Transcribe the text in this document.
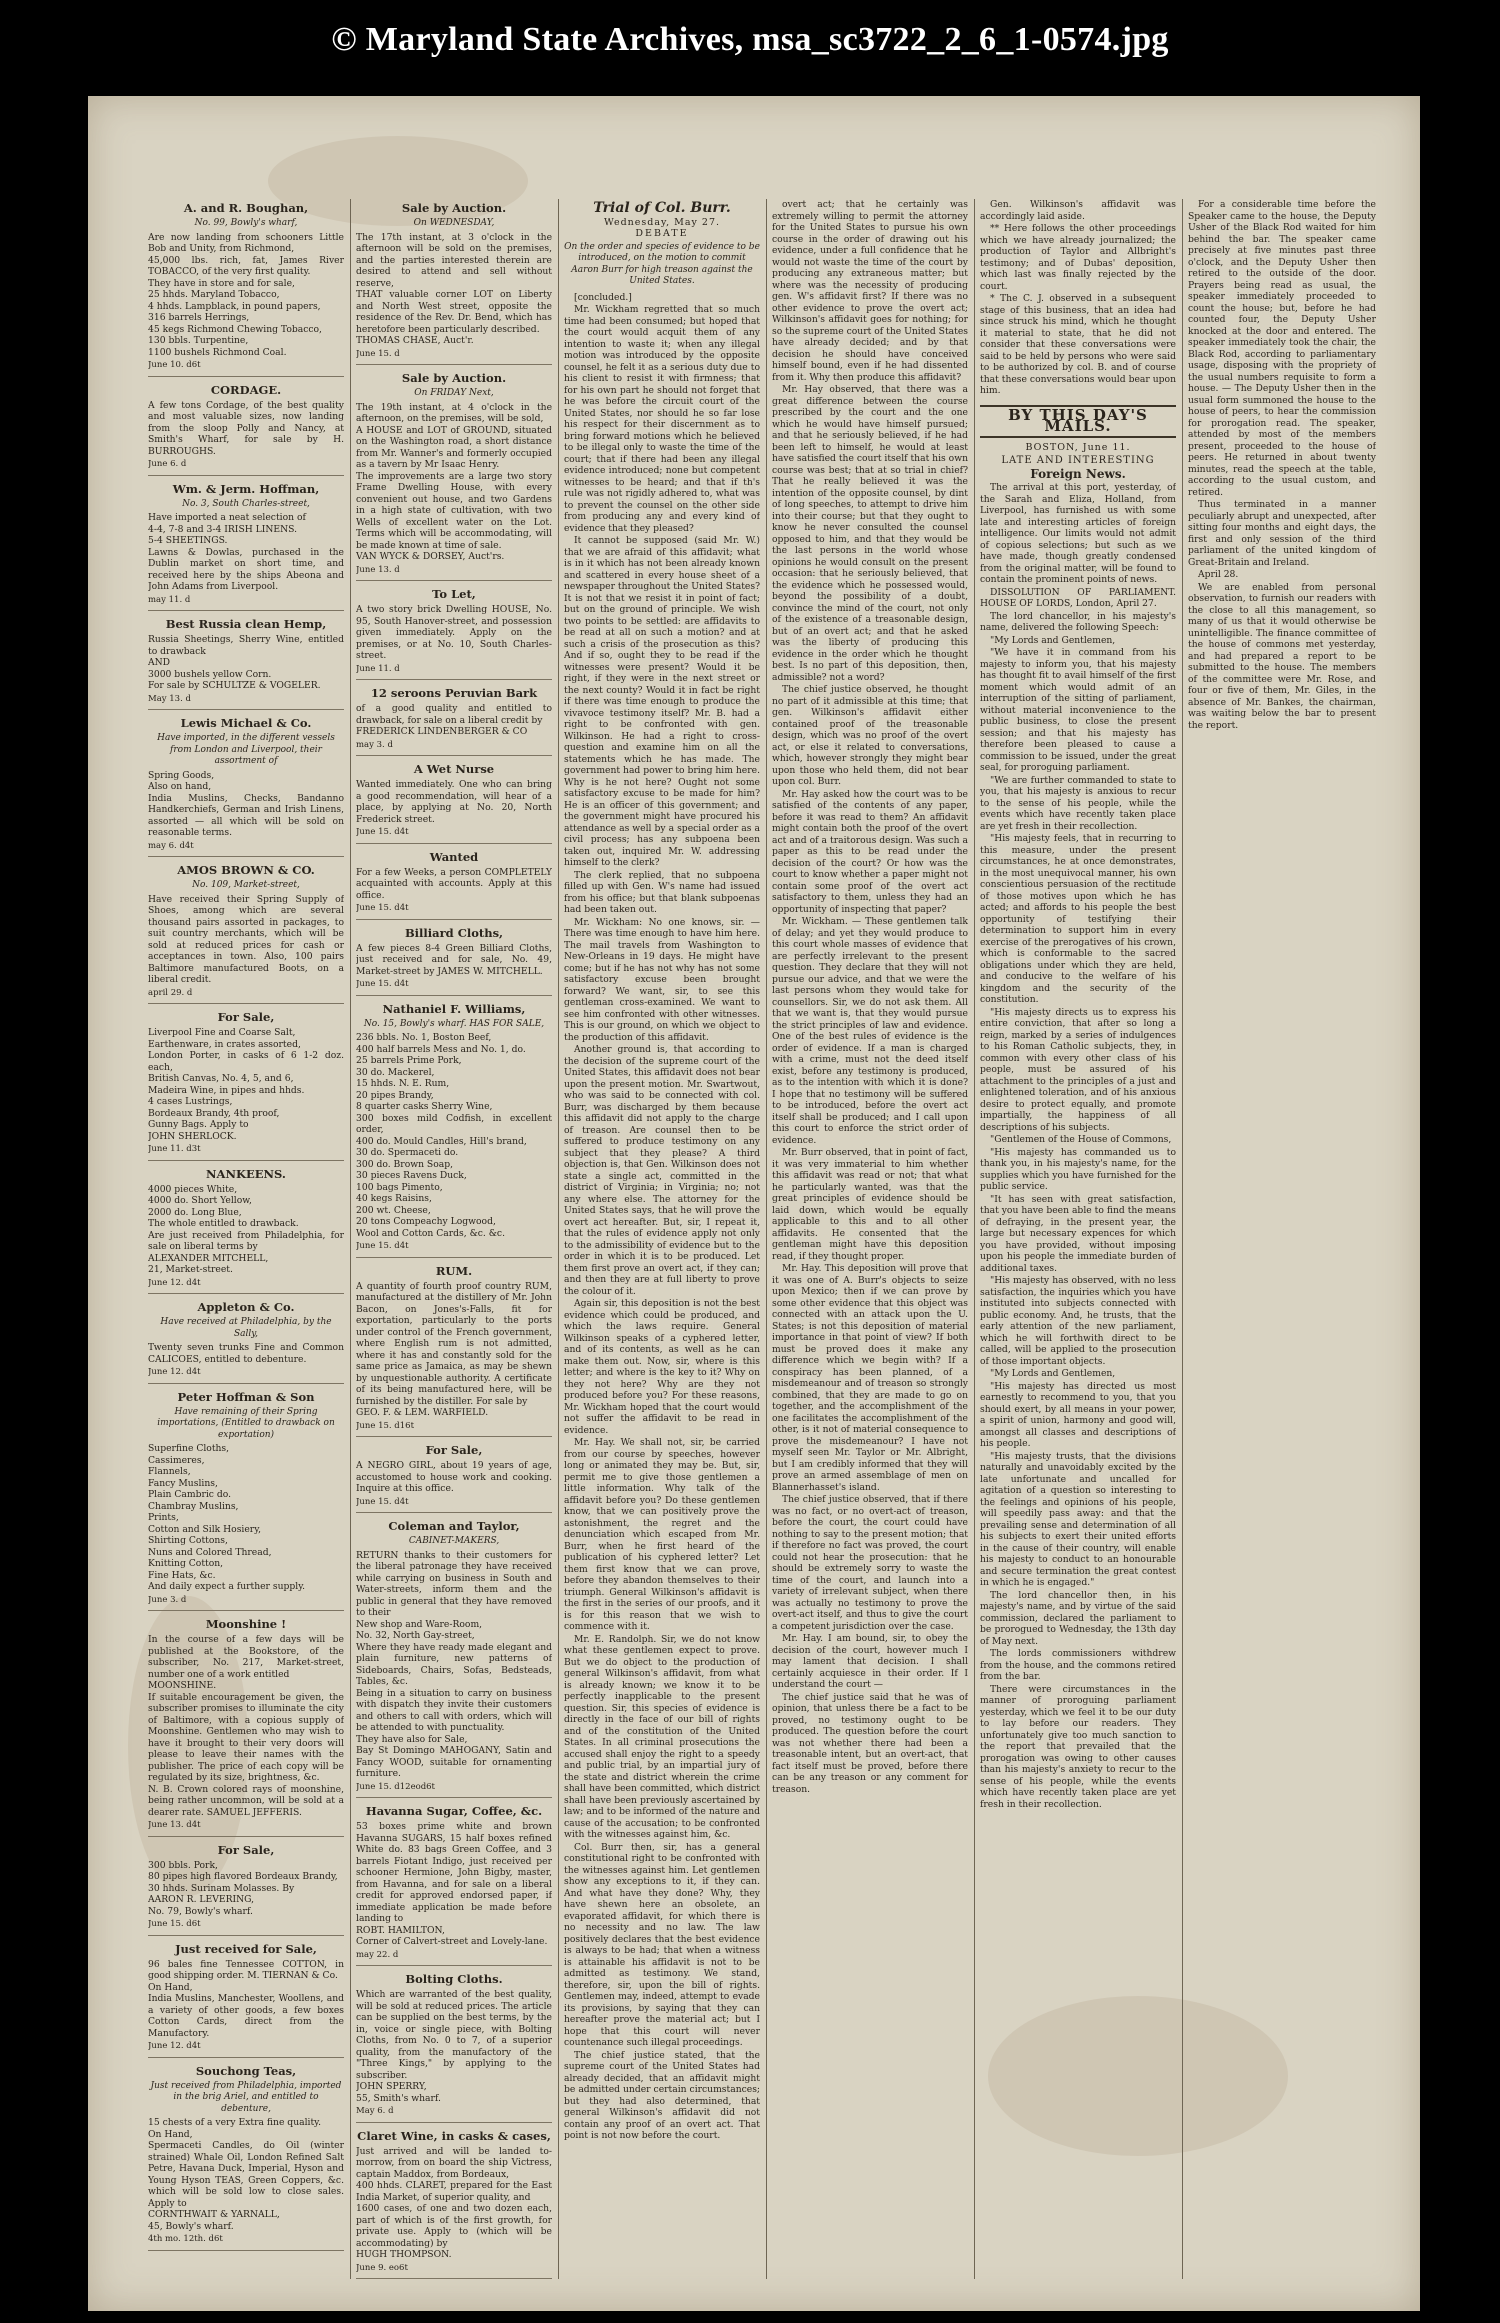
© Maryland State Archives, msa_sc3722_2_6_1-0574.jpg
A. and R. Boughan,
No. 99, Bowly's wharf,
Are now landing from schooners Little Bob and Unity, from Richmond,
45,000 lbs. rich, fat, James River TOBACCO, of the very first quality.
They have in store and for sale,
25 hhds. Maryland Tobacco,
4 hhds. Lampblack, in pound papers,
316 barrels Herrings,
45 kegs Richmond Chewing Tobacco,
130 bbls. Turpentine,
1100 bushels Richmond Coal.
June 10. d6t
CORDAGE.
A few tons Cordage, of the best quality and most valuable sizes, now landing from the sloop Polly and Nancy, at Smith's Wharf, for sale by H. BURROUGHS.
June 6. d
Wm. & Jerm. Hoffman,
No. 3, South Charles-street,
Have imported a neat selection of
4-4, 7-8 and 3-4 IRISH LINENS.
5-4 SHEETINGS.
Lawns & Dowlas, purchased in the Dublin market on short time, and received here by the ships Abeona and John Adams from Liverpool.
may 11. d
Best Russia clean Hemp,
Russia Sheetings, Sherry Wine, entitled to drawback
AND
3000 bushels yellow Corn.
For sale by SCHULTZE & VOGELER.
May 13. d
Lewis Michael & Co.
Have imported, in the different vessels from London and Liverpool, their assortment of
Spring Goods,
Also on hand,
India Muslins, Checks, Bandanno Handkerchiefs, German and Irish Linens, assorted — all which will be sold on reasonable terms.
may 6. d4t
AMOS BROWN & CO.
No. 109, Market-street,
Have received their Spring Supply of Shoes, among which are several thousand pairs assorted in packages, to suit country merchants, which will be sold at reduced prices for cash or acceptances in town. Also, 100 pairs Baltimore manufactured Boots, on a liberal credit.
april 29. d
For Sale,
Liverpool Fine and Coarse Salt,
Earthenware, in crates assorted,
London Porter, in casks of 6 1-2 doz. each,
British Canvas, No. 4, 5, and 6,
Madeira Wine, in pipes and hhds.
4 cases Lustrings,
Bordeaux Brandy, 4th proof,
Gunny Bags. Apply to
JOHN SHERLOCK.
June 11. d3t
NANKEENS.
4000 pieces White,
4000 do. Short Yellow,
2000 do. Long Blue,
The whole entitled to drawback.
Are just received from Philadelphia, for sale on liberal terms by
ALEXANDER MITCHELL,
21, Market-street.
June 12. d4t
Appleton & Co.
Have received at Philadelphia, by the Sally,
Twenty seven trunks Fine and Common CALICOES, entitled to debenture.
June 12. d4t
Peter Hoffman & Son
Have remaining of their Spring importations, (Entitled to drawback on exportation)
Superfine Cloths,
Cassimeres,
Flannels,
Fancy Muslins,
Plain Cambric do.
Chambray Muslins,
Prints,
Cotton and Silk Hosiery,
Shirting Cottons,
Nuns and Colored Thread,
Knitting Cotton,
Fine Hats, &c.
And daily expect a further supply.
June 3. d
Moonshine !
In the course of a few days will be published at the Bookstore, of the subscriber, No. 217, Market-street, number one of a work entitled
MOONSHINE.
If suitable encouragement be given, the subscriber promises to illuminate the city of Baltimore, with a copious supply of Moonshine. Gentlemen who may wish to have it brought to their very doors will please to leave their names with the publisher. The price of each copy will be regulated by its size, brightness, &c.
N. B. Crown colored rays of moonshine, being rather uncommon, will be sold at a dearer rate. SAMUEL JEFFERIS.
June 13. d4t
For Sale,
300 bbls. Pork,
80 pipes high flavored Bordeaux Brandy,
30 hhds. Surinam Molasses. By
AARON R. LEVERING,
No. 79, Bowly's wharf.
June 15. d6t
Just received for Sale,
96 bales fine Tennessee COTTON, in good shipping order. M. TIERNAN & Co.
On Hand,
India Muslins, Manchester, Woollens, and a variety of other goods, a few boxes Cotton Cards, direct from the Manufactory.
June 12. d4t
Souchong Teas,
Just received from Philadelphia, imported in the brig Ariel, and entitled to debenture,
15 chests of a very Extra fine quality.
On Hand,
Spermaceti Candles, do Oil (winter strained) Whale Oil, London Refined Salt Petre, Havana Duck, Imperial, Hyson and Young Hyson TEAS, Green Coppers, &c. which will be sold low to close sales. Apply to
CORNTHWAIT & YARNALL,
45, Bowly's wharf.
4th mo. 12th. d6t
Sale by Auction.
On WEDNESDAY,
The 17th instant, at 3 o'clock in the afternoon will be sold on the premises, and the parties interested therein are desired to attend and sell without reserve,
THAT valuable corner LOT on Liberty and North West street, opposite the residence of the Rev. Dr. Bend, which has heretofore been particularly described.
THOMAS CHASE, Auct'r.
June 15. d
Sale by Auction.
On FRIDAY Next,
The 19th instant, at 4 o'clock in the afternoon, on the premises, will be sold,
A HOUSE and LOT of GROUND, situated on the Washington road, a short distance from Mr. Wanner's and formerly occupied as a tavern by Mr Isaac Henry.
The improvements are a large two story Frame Dwelling House, with every convenient out house, and two Gardens in a high state of cultivation, with two Wells of excellent water on the Lot. Terms which will be accommodating, will be made known at time of sale.
VAN WYCK & DORSEY, Auct'rs.
June 13. d
To Let,
A two story brick Dwelling HOUSE, No. 95, South Hanover-street, and possession given immediately. Apply on the premises, or at No. 10, South Charles-street.
June 11. d
12 seroons Peruvian Bark
of a good quality and entitled to drawback, for sale on a liberal credit by
FREDERICK LINDENBERGER & CO
may 3. d
A Wet Nurse
Wanted immediately. One who can bring a good recommendation, will hear of a place, by applying at No. 20, North Frederick street.
June 15. d4t
Wanted
For a few Weeks, a person COMPLETELY acquainted with accounts. Apply at this office.
June 15. d4t
Billiard Cloths,
A few pieces 8-4 Green Billiard Cloths, just received and for sale, No. 49, Market-street by JAMES W. MITCHELL.
June 15. d4t
Nathaniel F. Williams,
No. 15, Bowly's wharf. HAS FOR SALE,
236 bbls. No. 1, Boston Beef,
400 half barrels Mess and No. 1, do.
25 barrels Prime Pork,
30 do. Mackerel,
15 hhds. N. E. Rum,
20 pipes Brandy,
8 quarter casks Sherry Wine,
300 boxes mild Codfish, in excellent order,
400 do. Mould Candles, Hill's brand,
30 do. Spermaceti do.
300 do. Brown Soap,
30 pieces Ravens Duck,
100 bags Pimento,
40 kegs Raisins,
200 wt. Cheese,
20 tons Compeachy Logwood,
Wool and Cotton Cards, &c. &c.
June 15. d4t
RUM.
A quantity of fourth proof country RUM, manufactured at the distillery of Mr. John Bacon, on Jones's-Falls, fit for exportation, particularly to the ports under control of the French government, where English rum is not admitted, where it has and constantly sold for the same price as Jamaica, as may be shewn by unquestionable authority. A certificate of its being manufactured here, will be furnished by the distiller. For sale by
GEO. F. & LEM. WARFIELD.
June 15. d16t
For Sale,
A NEGRO GIRL, about 19 years of age, accustomed to house work and cooking. Inquire at this office.
June 15. d4t
Coleman and Taylor,
CABINET-MAKERS,
RETURN thanks to their customers for the liberal patronage they have received while carrying on business in South and Water-streets, inform them and the public in general that they have removed to their
New shop and Ware-Room,
No. 32, North Gay-street,
Where they have ready made elegant and plain furniture, new patterns of Sideboards, Chairs, Sofas, Bedsteads, Tables, &c.
Being in a situation to carry on business with dispatch they invite their customers and others to call with orders, which will be attended to with punctuality.
They have also for Sale,
Bay St Domingo MAHOGANY, Satin and Fancy WOOD, suitable for ornamenting furniture.
June 15. d12eod6t
Havanna Sugar, Coffee, &c.
53 boxes prime white and brown Havanna SUGARS, 15 half boxes refined White do. 83 bags Green Coffee, and 3 barrels Fiotant Indigo, just received per schooner Hermione, John Bigby, master, from Havanna, and for sale on a liberal credit for approved endorsed paper, if immediate application be made before landing to
ROBT. HAMILTON,
Corner of Calvert-street and Lovely-lane.
may 22. d
Bolting Cloths.
Which are warranted of the best quality, will be sold at reduced prices. The article can be supplied on the best terms, by the in, voice or single piece, with Bolting Cloths, from No. 0 to 7, of a superior quality, from the manufactory of the "Three Kings," by applying to the subscriber.
JOHN SPERRY,
55, Smith's wharf.
May 6. d
Claret Wine, in casks & cases,
Just arrived and will be landed to-morrow, from on board the ship Victress, captain Maddox, from Bordeaux,
400 hhds. CLARET, prepared for the East India Market, of superior quality, and
1600 cases, of one and two dozen each, part of which is of the first growth, for private use. Apply to (which will be accommodating) by
HUGH THOMPSON.
June 9. eo6t
Trial of Col. Burr.
Wednesday, May 27.
DEBATE
On the order and species of evidence to be introduced, on the motion to commit Aaron Burr for high treason against the United States.

[concluded.]

Mr. Wickham regretted that so much time had been consumed; but hoped that the court would acquit them of any intention to waste it; when any illegal motion was introduced by the opposite counsel, he felt it as a serious duty due to his client to resist it with firmness; that for his own part he should not forget that he was before the circuit court of the United States, nor should he so far lose his respect for their discernment as to bring forward motions which he believed to be illegal only to waste the time of the court; that if there had been any illegal evidence introduced; none but competent witnesses to be heard; and that if th's rule was not rigidly adhered to, what was to prevent the counsel on the other side from producing any and every kind of evidence that they pleased?

It cannot be supposed (said Mr. W.) that we are afraid of this affidavit; what is in it which has not been already known and scattered in every house sheet of a newspaper throughout the United States? It is not that we resist it in point of fact; but on the ground of principle. We wish two points to be settled: are affidavits to be read at all on such a motion? and at such a crisis of the prosecution as this? And if so, ought they to be read if the witnesses were present? Would it be right, if they were in the next street or the next county? Would it in fact be right if there was time enough to produce the vivavoce testimony itself? Mr. B. had a right to be confronted with gen. Wilkinson. He had a right to cross-question and examine him on all the statements which he has made. The government had power to bring him here. Why is he not here? Ought not some satisfactory excuse to be made for him? He is an officer of this government; and the government might have procured his attendance as well by a special order as a civil process; has any subpoena been taken out, inquired Mr. W. addressing himself to the clerk?

The clerk replied, that no subpoena filled up with Gen. W's name had issued from his office; but that blank subpoenas had been taken out.

Mr. Wickham: No one knows, sir. — There was time enough to have him here. The mail travels from Washington to New-Orleans in 19 days. He might have come; but if he has not why has not some satisfactory excuse been brought forward? We want, sir, to see this gentleman cross-examined. We want to see him confronted with other witnesses. This is our ground, on which we object to the production of this affidavit.

Another ground is, that according to the decision of the supreme court of the United States, this affidavit does not bear upon the present motion. Mr. Swartwout, who was said to be connected with col. Burr, was discharged by them because this affidavit did not apply to the charge of treason. Are counsel then to be suffered to produce testimony on any subject that they please? A third objection is, that Gen. Wilkinson does not state a single act, committed in the district of Virginia; in Virginia; no; not any where else. The attorney for the United States says, that he will prove the overt act hereafter. But, sir, I repeat it, that the rules of evidence apply not only to the admissibility of evidence but to the order in which it is to be produced. Let them first prove an overt act, if they can; and then they are at full liberty to prove the colour of it.

Again sir, this deposition is not the best evidence which could be produced, and which the laws require. General Wilkinson speaks of a cyphered letter, and of its contents, as well as he can make them out. Now, sir, where is this letter; and where is the key to it? Why on they not here? Why are they not produced before you? For these reasons, Mr. Wickham hoped that the court would not suffer the affidavit to be read in evidence.

Mr. Hay. We shall not, sir, be carried from our course by speeches, however long or animated they may be. But, sir, permit me to give those gentlemen a little information. Why talk of the affidavit before you? Do these gentlemen know, that we can positively prove the astonishment, the regret and the denunciation which escaped from Mr. Burr, when he first heard of the publication of his cyphered letter? Let them first know that we can prove, before they abandon themselves to their triumph. General Wilkinson's affidavit is the first in the series of our proofs, and it is for this reason that we wish to commence with it.

Mr. E. Randolph. Sir, we do not know what these gentlemen expect to prove. But we do object to the production of general Wilkinson's affidavit, from what is already known; we know it to be perfectly inapplicable to the present question. Sir, this species of evidence is directly in the face of our bill of rights and of the constitution of the United States. In all criminal prosecutions the accused shall enjoy the right to a speedy and public trial, by an impartial jury of the state and district wherein the crime shall have been committed, which district shall have been previously ascertained by law; and to be informed of the nature and cause of the accusation; to be confronted with the witnesses against him, &c.

Col. Burr then, sir, has a general constitutional right to be confronted with the witnesses against him. Let gentlemen show any exceptions to it, if they can. And what have they done? Why, they have shewn here an obsolete, an evaporated affidavit, for which there is no necessity and no law. The law positively declares that the best evidence is always to be had; that when a witness is attainable his affidavit is not to be admitted as testimony. We stand, therefore, sir, upon the bill of rights. Gentlemen may, indeed, attempt to evade its provisions, by saying that they can hereafter prove the material act; but I hope that this court will never countenance such illegal proceedings.

The chief justice stated, that the supreme court of the United States had already decided, that an affidavit might be admitted under certain circumstances; but they had also determined, that general Wilkinson's affidavit did not contain any proof of an overt act. That point is not now before the court.

overt act; that he certainly was extremely willing to permit the attorney for the United States to pursue his own course in the order of drawing out his evidence, under a full confidence that he would not waste the time of the court by producing any extraneous matter; but where was the necessity of producing gen. W's affidavit first? If there was no other evidence to prove the overt act; Wilkinson's affidavit goes for nothing; for so the supreme court of the United States have already decided; and by that decision he should have conceived himself bound, even if he had dissented from it. Why then produce this affidavit?

Mr. Hay observed, that there was a great difference between the course prescribed by the court and the one which he would have himself pursued; and that he seriously believed, if he had been left to himself, he would at least have satisfied the court itself that his own course was best; that at so trial in chief? That he really believed it was the intention of the opposite counsel, by dint of long speeches, to attempt to drive him into their course; but that they ought to know he never consulted the counsel opposed to him, and that they would be the last persons in the world whose opinions he would consult on the present occasion: that he seriously believed, that the evidence which he possessed would, beyond the possibility of a doubt, convince the mind of the court, not only of the existence of a treasonable design, but of an overt act; and that he asked was the liberty of producing this evidence in the order which he thought best. Is no part of this deposition, then, admissible? not a word?

The chief justice observed, he thought no part of it admissible at this time; that gen. Wilkinson's affidavit either contained proof of the treasonable design, which was no proof of the overt act, or else it related to conversations, which, however strongly they might bear upon those who held them, did not bear upon col. Burr.

Mr. Hay asked how the court was to be satisfied of the contents of any paper, before it was read to them? An affidavit might contain both the proof of the overt act and of a traitorous design. Was such a paper as this to be read under the decision of the court? Or how was the court to know whether a paper might not contain some proof of the overt act satisfactory to them, unless they had an opportunity of inspecting that paper?

Mr. Wickham. — These gentlemen talk of delay; and yet they would produce to this court whole masses of evidence that are perfectly irrelevant to the present question. They declare that they will not pursue our advice, and that we were the last persons whom they would take for counsellors. Sir, we do not ask them. All that we want is, that they would pursue the strict principles of law and evidence. One of the best rules of evidence is the order of evidence. If a man is charged with a crime, must not the deed itself exist, before any testimony is produced, as to the intention with which it is done? I hope that no testimony will be suffered to be introduced, before the overt act itself shall be produced; and I call upon this court to enforce the strict order of evidence.

Mr. Burr observed, that in point of fact, it was very immaterial to him whether this affidavit was read or not; that what he particularly wanted, was that the great principles of evidence should be laid down, which would be equally applicable to this and to all other affidavits. He consented that the gentleman might have this deposition read, if they thought proper.

Mr. Hay. This deposition will prove that it was one of A. Burr's objects to seize upon Mexico; then if we can prove by some other evidence that this object was connected with an attack upon the U. States; is not this deposition of material importance in that point of view? If both must be proved does it make any difference which we begin with? If a conspiracy has been planned, of a misdemeanour and of treason so strongly combined, that they are made to go on together, and the accomplishment of the one facilitates the accomplishment of the other, is it not of material consequence to prove the misdemeanour? I have not myself seen Mr. Taylor or Mr. Albright, but I am credibly informed that they will prove an armed assemblage of men on Blannerhasset's island.

The chief justice observed, that if there was no fact, or no overt-act of treason, before the court, the court could have nothing to say to the present motion; that if therefore no fact was proved, the court could not hear the prosecution: that he should be extremely sorry to waste the time of the court, and launch into a variety of irrelevant subject, when there was actually no testimony to prove the overt-act itself, and thus to give the court a competent jurisdiction over the case.

Mr. Hay. I am bound, sir, to obey the decision of the court, however much I may lament that decision. I shall certainly acquiesce in their order. If I understand the court —

The chief justice said that he was of opinion, that unless there be a fact to be proved, no testimony ought to be produced. The question before the court was not whether there had been a treasonable intent, but an overt-act, that fact itself must be proved, before there can be any treason or any comment for treason.

Gen. Wilkinson's affidavit was accordingly laid aside.

** Here follows the other proceedings which we have already journalized; the production of Taylor and Allbright's testimony; and of Dubas' deposition, which last was finally rejected by the court.

* The C. J. observed in a subsequent stage of this business, that an idea had since struck his mind, which he thought it material to state, that he did not consider that these conversations were said to be held by persons who were said to be authorized by col. B. and of course that these conversations would bear upon him.

BY THIS DAY'S MAILS.
BOSTON, June 11.
LATE AND INTERESTING
Foreign News.

The arrival at this port, yesterday, of the Sarah and Eliza, Holland, from Liverpool, has furnished us with some late and interesting articles of foreign intelligence. Our limits would not admit of copious selections; but such as we have made, though greatly condensed from the original matter, will be found to contain the prominent points of news.

DISSOLUTION OF PARLIAMENT. HOUSE OF LORDS, London, April 27.

The lord chancellor, in his majesty's name, delivered the following Speech:

"My Lords and Gentlemen,

"We have it in command from his majesty to inform you, that his majesty has thought fit to avail himself of the first moment which would admit of an interruption of the sitting of parliament, without material inconvenience to the public business, to close the present session; and that his majesty has therefore been pleased to cause a commission to be issued, under the great seal, for proroguing parliament.

"We are further commanded to state to you, that his majesty is anxious to recur to the sense of his people, while the events which have recently taken place are yet fresh in their recollection.

"His majesty feels, that in recurring to this measure, under the present circumstances, he at once demonstrates, in the most unequivocal manner, his own conscientious persuasion of the rectitude of those motives upon which he has acted; and affords to his people the best opportunity of testifying their determination to support him in every exercise of the prerogatives of his crown, which is conformable to the sacred obligations under which they are held, and conducive to the welfare of his kingdom and the security of the constitution.

"His majesty directs us to express his entire conviction, that after so long a reign, marked by a series of indulgences to his Roman Catholic subjects, they, in common with every other class of his people, must be assured of his attachment to the principles of a just and enlightened toleration, and of his anxious desire to protect equally, and promote impartially, the happiness of all descriptions of his subjects.

"Gentlemen of the House of Commons,

"His majesty has commanded us to thank you, in his majesty's name, for the supplies which you have furnished for the public service.

"It has seen with great satisfaction, that you have been able to find the means of defraying, in the present year, the large but necessary expences for which you have provided, without imposing upon his people the immediate burden of additional taxes.

"His majesty has observed, with no less satisfaction, the inquiries which you have instituted into subjects connected with public economy. And, he trusts, that the early attention of the new parliament, which he will forthwith direct to be called, will be applied to the prosecution of those important objects.

"My Lords and Gentlemen,

"His majesty has directed us most earnestly to recommend to you, that you should exert, by all means in your power, a spirit of union, harmony and good will, amongst all classes and descriptions of his people.

"His majesty trusts, that the divisions naturally and unavoidably excited by the late unfortunate and uncalled for agitation of a question so interesting to the feelings and opinions of his people, will speedily pass away: and that the prevailing sense and determination of all his subjects to exert their united efforts in the cause of their country, will enable his majesty to conduct to an honourable and secure termination the great contest in which he is engaged."

The lord chancellor then, in his majesty's name, and by virtue of the said commission, declared the parliament to be prorogued to Wednesday, the 13th day of May next.

The lords commissioners withdrew from the house, and the commons retired from the bar.

There were circumstances in the manner of proroguing parliament yesterday, which we feel it to be our duty to lay before our readers. They unfortunately give too much sanction to the report that prevailed that the prorogation was owing to other causes than his majesty's anxiety to recur to the sense of his people, while the events which have recently taken place are yet fresh in their recollection.

For a considerable time before the Speaker came to the house, the Deputy Usher of the Black Rod waited for him behind the bar. The speaker came precisely at five minutes past three o'clock, and the Deputy Usher then retired to the outside of the door. Prayers being read as usual, the speaker immediately proceeded to count the house; but, before he had counted four, the Deputy Usher knocked at the door and entered. The speaker immediately took the chair, the Black Rod, according to parliamentary usage, disposing with the propriety of the usual numbers requisite to form a house. — The Deputy Usher then in the usual form summoned the house to the house of peers, to hear the commission for prorogation read. The speaker, attended by most of the members present, proceeded to the house of peers. He returned in about twenty minutes, read the speech at the table, according to the usual custom, and retired.

Thus terminated in a manner peculiarly abrupt and unexpected, after sitting four months and eight days, the first and only session of the third parliament of the united kingdom of Great-Britain and Ireland.

April 28.

We are enabled from personal observation, to furnish our readers with the close to all this management, so many of us that it would otherwise be unintelligible. The finance committee of the house of commons met yesterday, and had prepared a report to be submitted to the house. The members of the committee were Mr. Rose, and four or five of them, Mr. Giles, in the absence of Mr. Bankes, the chairman, was waiting below the bar to present the report.
